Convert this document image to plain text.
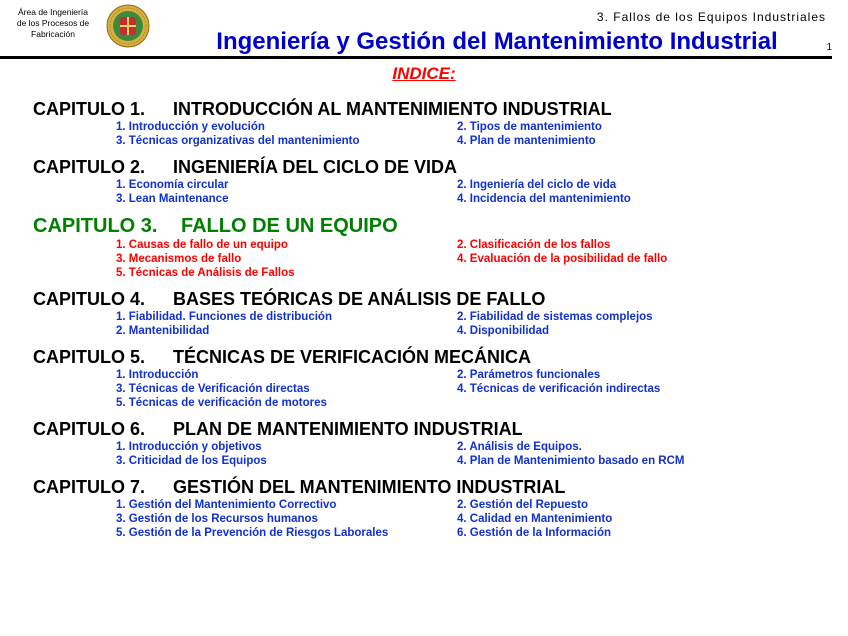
Área de Ingeniería
de los Procesos de
Fabricación
3. Fallos de los Equipos Industriales
Ingeniería y Gestión del Mantenimiento Industrial	1
INDICE:
CAPITULO 1. INTRODUCCIÓN AL MANTENIMIENTO INDUSTRIAL
1. Introducción y evolución	2. Tipos de mantenimiento
3. Técnicas organizativas del mantenimiento	4. Plan de mantenimiento
CAPITULO 2. INGENIERÍA DEL CICLO DE VIDA
1. Economía circular	2. Ingeniería del ciclo de vida
3. Lean Maintenance	4. Incidencia del mantenimiento
CAPITULO 3. FALLO DE UN EQUIPO
1. Causas de fallo de un equipo	2. Clasificación de los fallos
3. Mecanismos de fallo	4. Evaluación de la posibilidad de fallo
5. Técnicas de Análisis de Fallos
CAPITULO 4. BASES TEÓRICAS DE ANÁLISIS DE FALLO
1. Fiabilidad. Funciones de distribución	2. Fiabilidad de sistemas complejos
2. Mantenibilidad	4. Disponibilidad
CAPITULO 5. TÉCNICAS DE VERIFICACIÓN MECÁNICA
1. Introducción	2. Parámetros funcionales
3. Técnicas de Verificación directas	4. Técnicas de verificación indirectas
5. Técnicas de verificación de motores
CAPITULO 6. PLAN DE MANTENIMIENTO INDUSTRIAL
1. Introducción y objetivos	2. Análisis de Equipos.
3. Criticidad de los Equipos	4. Plan de Mantenimiento basado en RCM
CAPITULO 7. GESTIÓN DEL MANTENIMIENTO INDUSTRIAL
1. Gestión del Mantenimiento Correctivo	2. Gestión del Repuesto
3. Gestión de los Recursos humanos	4. Calidad en Mantenimiento
5. Gestión de la Prevención de Riesgos Laborales	6. Gestión de la Información
